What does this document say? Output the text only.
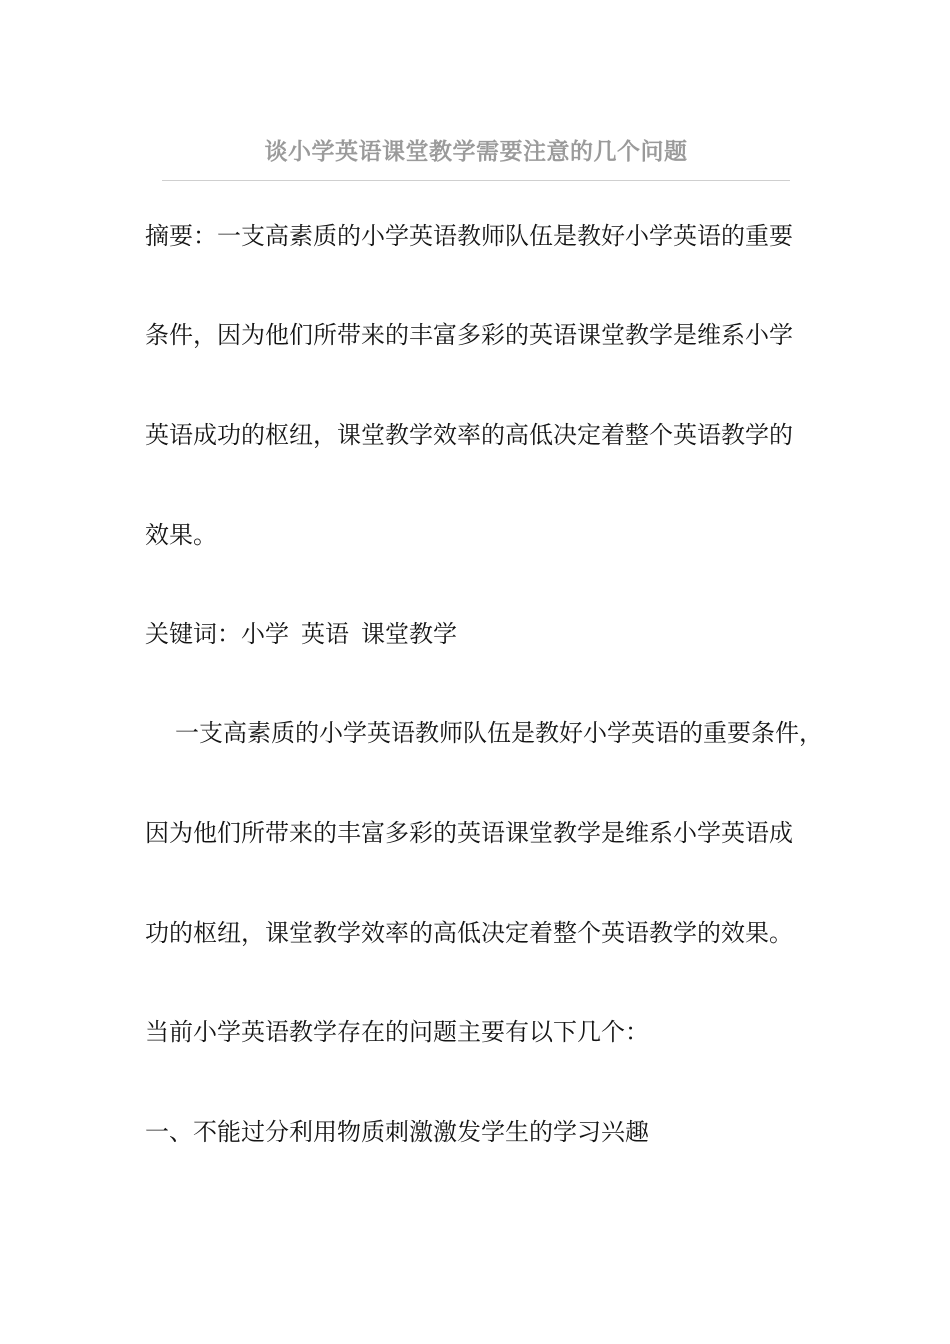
谈小学英语课堂教学需要注意的几个问题
摘要：一支高素质的小学英语教师队伍是教好小学英语的重要
条件，因为他们所带来的丰富多彩的英语课堂教学是维系小学
英语成功的枢纽，课堂教学效率的高低决定着整个英语教学的
效果。
关键词：小学 英语 课堂教学
一支高素质的小学英语教师队伍是教好小学英语的重要条件，
因为他们所带来的丰富多彩的英语课堂教学是维系小学英语成
功的枢纽，课堂教学效率的高低决定着整个英语教学的效果。
当前小学英语教学存在的问题主要有以下几个：
一、不能过分利用物质刺激激发学生的学习兴趣
